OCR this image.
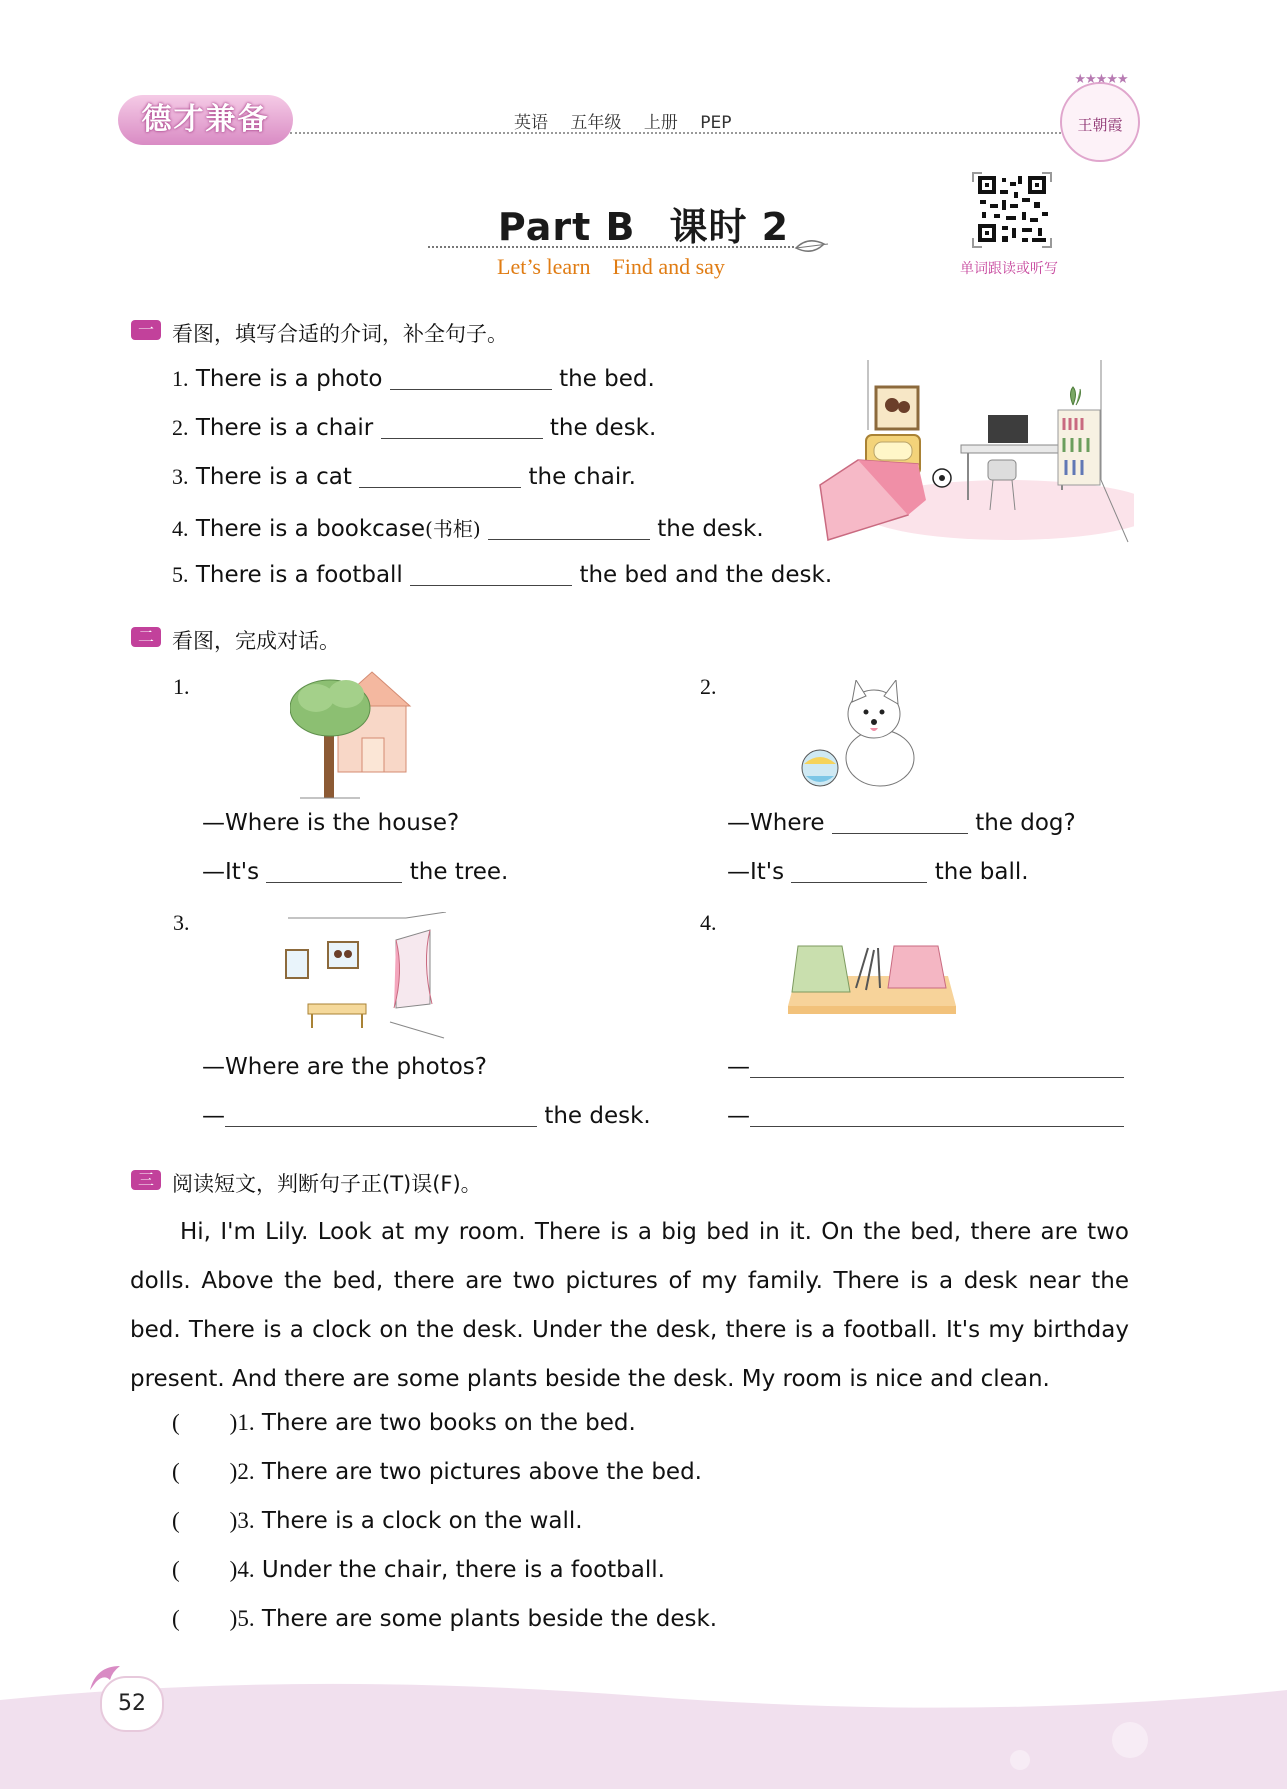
德才兼备	英语 五年级 上册 PEP
★★★★★
王朝霞
Part B 课时 2
Let’s learn Find and say	单词跟读或听写
一 看图，填写合适的介词，补全句子。
1. There is a photo	the bed.
2. There is a chair	the desk.
3. There is a cat	the chair.
4. There is a bookcase(书柜)	the desk.
5. There is a football	the bed and the desk.
二 看图，完成对话。
1.
—Where is the house?
—It's	the tree.
2.
—Where	the dog?
—It's	the ball.
3.
—Where are the photos?
—	the desk.
4.
—
—
三 阅读短文，判断句子正(T)误(F)。

Hi, I'm Lily. Look at my room. There is a big bed in it. On the bed, there are two dolls. Above the bed, there are two pictures of my family. There is a desk near the bed. There is a clock on the desk. Under the desk, there is a football. It's my birthday present. And there are some plants beside the desk. My room is nice and clean.

( )1. There are two books on the bed.
( )2. There are two pictures above the bed.
( )3. There is a clock on the wall.
( )4. Under the chair, there is a football.
( )5. There are some plants beside the desk.
52
